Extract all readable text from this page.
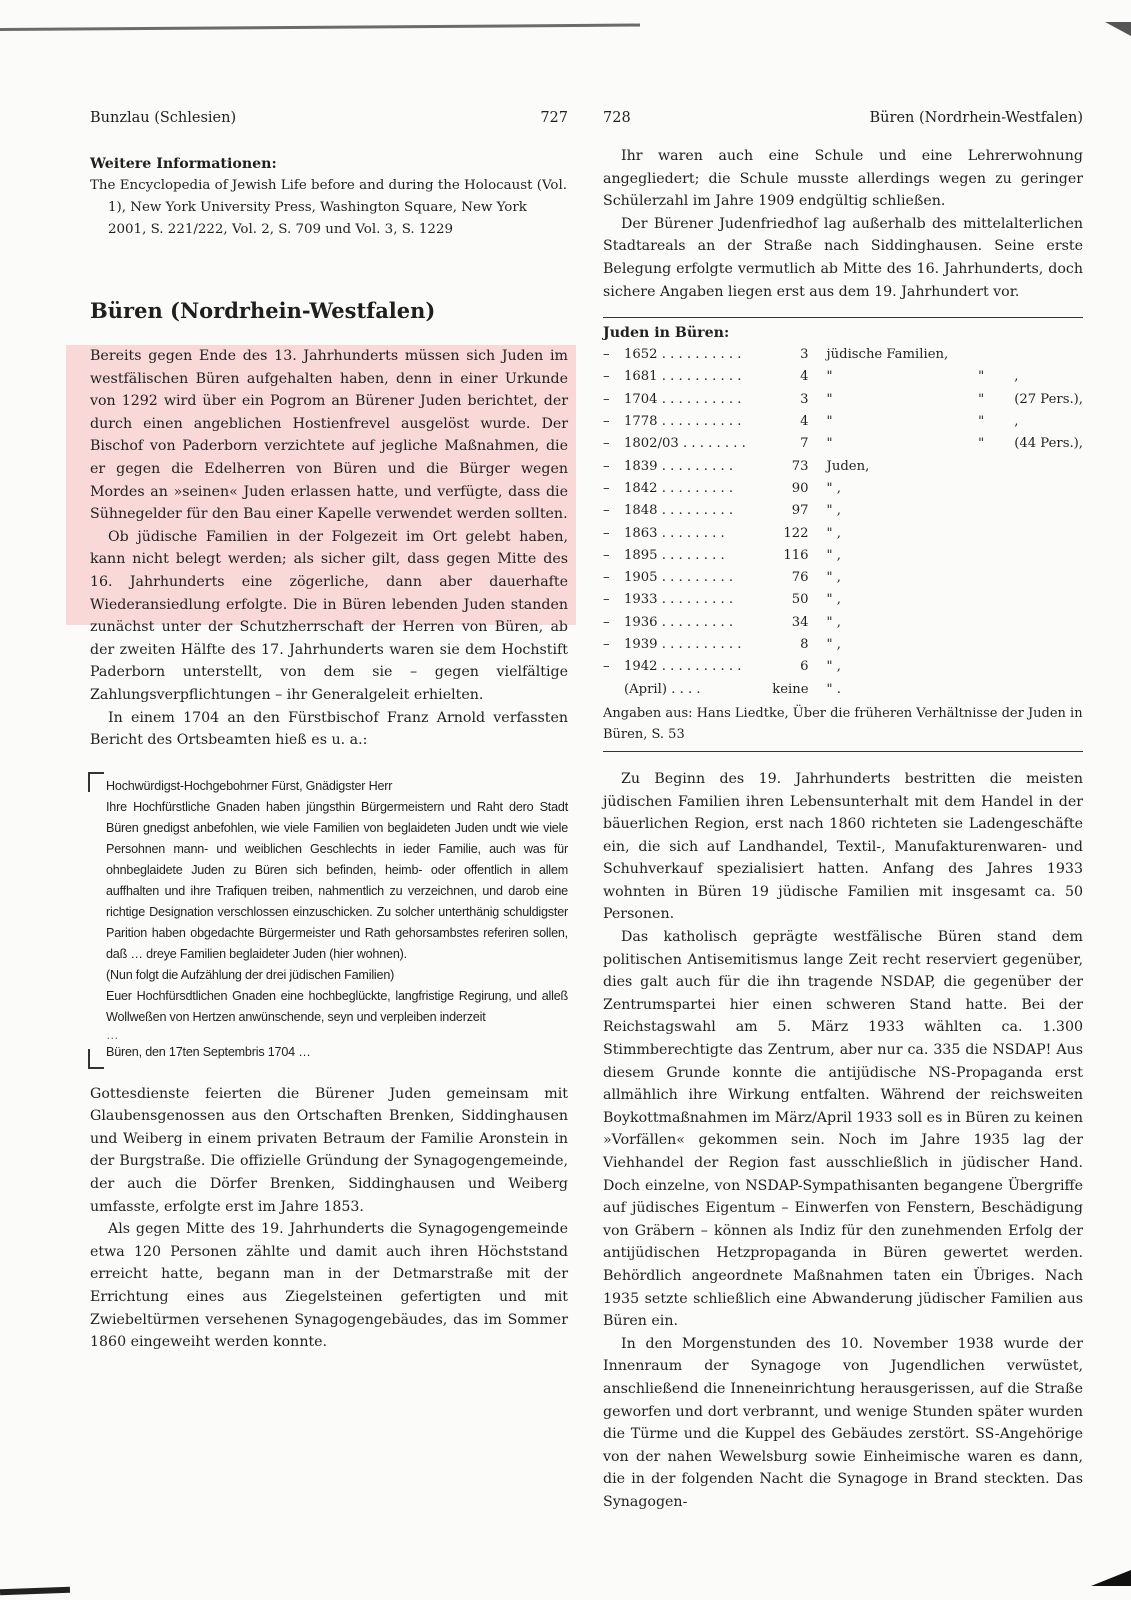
Bunzlau (Schlesien)	727
Weitere Informationen:
The Encyclopedia of Jewish Life before and during the Holocaust (Vol. 1), New York University Press, Washington Square, New York 2001, S. 221/222, Vol. 2, S. 709 und Vol. 3, S. 1229
Büren (Nordrhein-Westfalen)

Bereits gegen Ende des 13. Jahrhunderts müssen sich Juden im westfälischen Büren aufgehalten haben, denn in einer Urkunde von 1292 wird über ein Pogrom an Bürener Juden berichtet, der durch einen angeblichen Hostienfrevel ausgelöst wurde. Der Bischof von Paderborn verzichtete auf jegliche Maßnahmen, die er gegen die Edelherren von Büren und die Bürger wegen Mordes an »seinen« Juden erlassen hatte, und verfügte, dass die Sühnegelder für den Bau einer Kapelle verwendet werden sollten.

Ob jüdische Familien in der Folgezeit im Ort gelebt haben, kann nicht belegt werden; als sicher gilt, dass gegen Mitte des 16. Jahrhunderts eine zögerliche, dann aber dauerhafte Wiederansiedlung erfolgte. Die in Büren lebenden Juden standen zunächst unter der Schutzherrschaft der Herren von Büren, ab der zweiten Hälfte des 17. Jahrhunderts waren sie dem Hochstift Paderborn unterstellt, von dem sie – gegen vielfältige Zahlungsverpflichtungen – ihr Generalgeleit erhielten.

In einem 1704 an den Fürstbischof Franz Arnold verfassten Bericht des Ortsbeamten hieß es u. a.:

Hochwürdigst-Hochgebohrner Fürst, Gnädigster Herr
Ihre Hochfürstliche Gnaden haben jüngsthin Bürgermeistern und Raht dero Stadt Büren gnedigst anbefohlen, wie viele Familien von beglaideten Juden undt wie viele Persohnen mann- und weiblichen Geschlechts in ieder Familie, auch was für ohnbeglaidete Juden zu Büren sich befinden, heimb- oder offentlich in allem auffhalten und ihre Trafiquen treiben, nahmentlich zu verzeichnen, und darob eine richtige Designation verschlossen einzuschicken. Zu solcher unterthänig schuldigster Parition haben obgedachte Bürgermeister und Rath gehorsambstes referiren sollen, daß … dreye Familien beglaideter Juden (hier wohnen).
(Nun folgt die Aufzählung der drei jüdischen Familien)
Euer Hochfürsdtlichen Gnaden eine hochbeglückte, langfristige Regirung, und alleß Wollweßen von Hertzen anwünschende, seyn und verpleiben inderzeit
…
Büren, den 17ten Septembris 1704 …

Gottesdienste feierten die Bürener Juden gemeinsam mit Glaubensgenossen aus den Ortschaften Brenken, Siddinghausen und Weiberg in einem privaten Betraum der Familie Aronstein in der Burgstraße. Die offizielle Gründung der Synagogengemeinde, der auch die Dörfer Brenken, Siddinghausen und Weiberg umfasste, erfolgte erst im Jahre 1853.

Als gegen Mitte des 19. Jahrhunderts die Synagogengemeinde etwa 120 Personen zählte und damit auch ihren Höchststand erreicht hatte, begann man in der Detmarstraße mit der Errichtung eines aus Ziegelsteinen gefertigten und mit Zwiebeltürmen versehenen Synagogengebäudes, das im Sommer 1860 eingeweiht werden konnte.

728	Büren (Nordrhein-Westfalen)

Ihr waren auch eine Schule und eine Lehrerwohnung angegliedert; die Schule musste allerdings wegen zu geringer Schülerzahl im Jahre 1909 endgültig schließen.

Der Bürener Judenfriedhof lag außerhalb des mittelalterlichen Stadtareals an der Straße nach Siddinghausen. Seine erste Belegung erfolgte vermutlich ab Mitte des 16. Jahrhunderts, doch sichere Angaben liegen erst aus dem 19. Jahrhundert vor.

Juden in Büren:
–	1652 . . . . . . . . . .	3	jüdische Familien,		
–	1681 . . . . . . . . . .	4	"	"	,
–	1704 . . . . . . . . . .	3	"	"	(27 Pers.),
–	1778 . . . . . . . . . .	4	"	"	,
–	1802/03 . . . . . . . .	7	"	"	(44 Pers.),
–	1839 . . . . . . . . .	73	Juden,		
–	1842 . . . . . . . . .	90	" ,		
–	1848 . . . . . . . . .	97	" ,		
–	1863 . . . . . . . .	122	" ,		
–	1895 . . . . . . . .	116	" ,		
–	1905 . . . . . . . . .	76	" ,		
–	1933 . . . . . . . . .	50	" ,		
–	1936 . . . . . . . . .	34	" ,		
–	1939 . . . . . . . . . .	8	" ,		
–	1942 . . . . . . . . . .	6	" ,		
	(April) . . . .	keine	" .		
Angaben aus: Hans Liedtke, Über die früheren Verhältnisse der Juden in Büren, S. 53

Zu Beginn des 19. Jahrhunderts bestritten die meisten jüdischen Familien ihren Lebensunterhalt mit dem Handel in der bäuerlichen Region, erst nach 1860 richteten sie Ladengeschäfte ein, die sich auf Landhandel, Textil-, Manufakturenwaren- und Schuhverkauf spezialisiert hatten. Anfang des Jahres 1933 wohnten in Büren 19 jüdische Familien mit insgesamt ca. 50 Personen.

Das katholisch geprägte westfälische Büren stand dem politischen Antisemitismus lange Zeit recht reserviert gegenüber, dies galt auch für die ihn tragende NSDAP, die gegenüber der Zentrumspartei hier einen schweren Stand hatte. Bei der Reichstagswahl am 5. März 1933 wählten ca. 1.300 Stimmberechtigte das Zentrum, aber nur ca. 335 die NSDAP! Aus diesem Grunde konnte die antijüdische NS-Propaganda erst allmählich ihre Wirkung entfalten. Während der reichsweiten Boykottmaßnahmen im März/April 1933 soll es in Büren zu keinen »Vorfällen« gekommen sein. Noch im Jahre 1935 lag der Viehhandel der Region fast ausschließlich in jüdischer Hand. Doch einzelne, von NSDAP-Sympathisanten begangene Übergriffe auf jüdisches Eigentum – Einwerfen von Fenstern, Beschädigung von Gräbern – können als Indiz für den zunehmenden Erfolg der antijüdischen Hetzpropaganda in Büren gewertet werden. Behördlich angeordnete Maßnahmen taten ein Übriges. Nach 1935 setzte schließlich eine Abwanderung jüdischer Familien aus Büren ein.

In den Morgenstunden des 10. November 1938 wurde der Innenraum der Synagoge von Jugendlichen verwüstet, anschließend die Inneneinrichtung herausgerissen, auf die Straße geworfen und dort verbrannt, und wenige Stunden später wurden die Türme und die Kuppel des Gebäudes zerstört. SS-Angehörige von der nahen Wewelsburg sowie Einheimische waren es dann, die in der folgenden Nacht die Synagoge in Brand steckten. Das Synagogen-
